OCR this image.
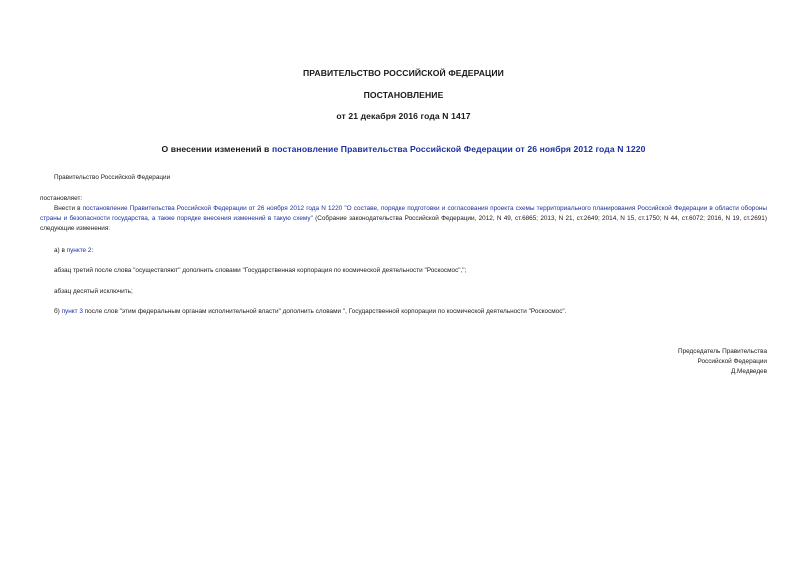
ПРАВИТЕЛЬСТВО РОССИЙСКОЙ ФЕДЕРАЦИИ
ПОСТАНОВЛЕНИЕ
от 21 декабря 2016 года N 1417
О внесении изменений в постановление Правительства Российской Федерации от 26 ноября 2012 года N 1220
Правительство Российской Федерации
постановляет:
Внести в постановление Правительства Российской Федерации от 26 ноября 2012 года N 1220 "О составе, порядке подготовки и согласования проекта схемы территориального планирования Российской Федерации в области обороны страны и безопасности государства, а также порядке внесения изменений в такую схему" (Собрание законодательства Российской Федерации, 2012, N 49, ст.6865; 2013, N 21, ст.2649; 2014, N 15, ст.1750; N 44, ст.6072; 2016, N 19, ст.2691) следующие изменения:
а) в пункте 2:
абзац третий после слова "осуществляют" дополнить словами "Государственная корпорация по космической деятельности "Роскосмос",";
абзац десятый исключить;
б) пункт 3 после слов "этим федеральным органам исполнительной власти" дополнить словами ", Государственной корпорации по космической деятельности "Роскосмос".
Председатель Правительства
Российской Федерации
Д.Медведев
